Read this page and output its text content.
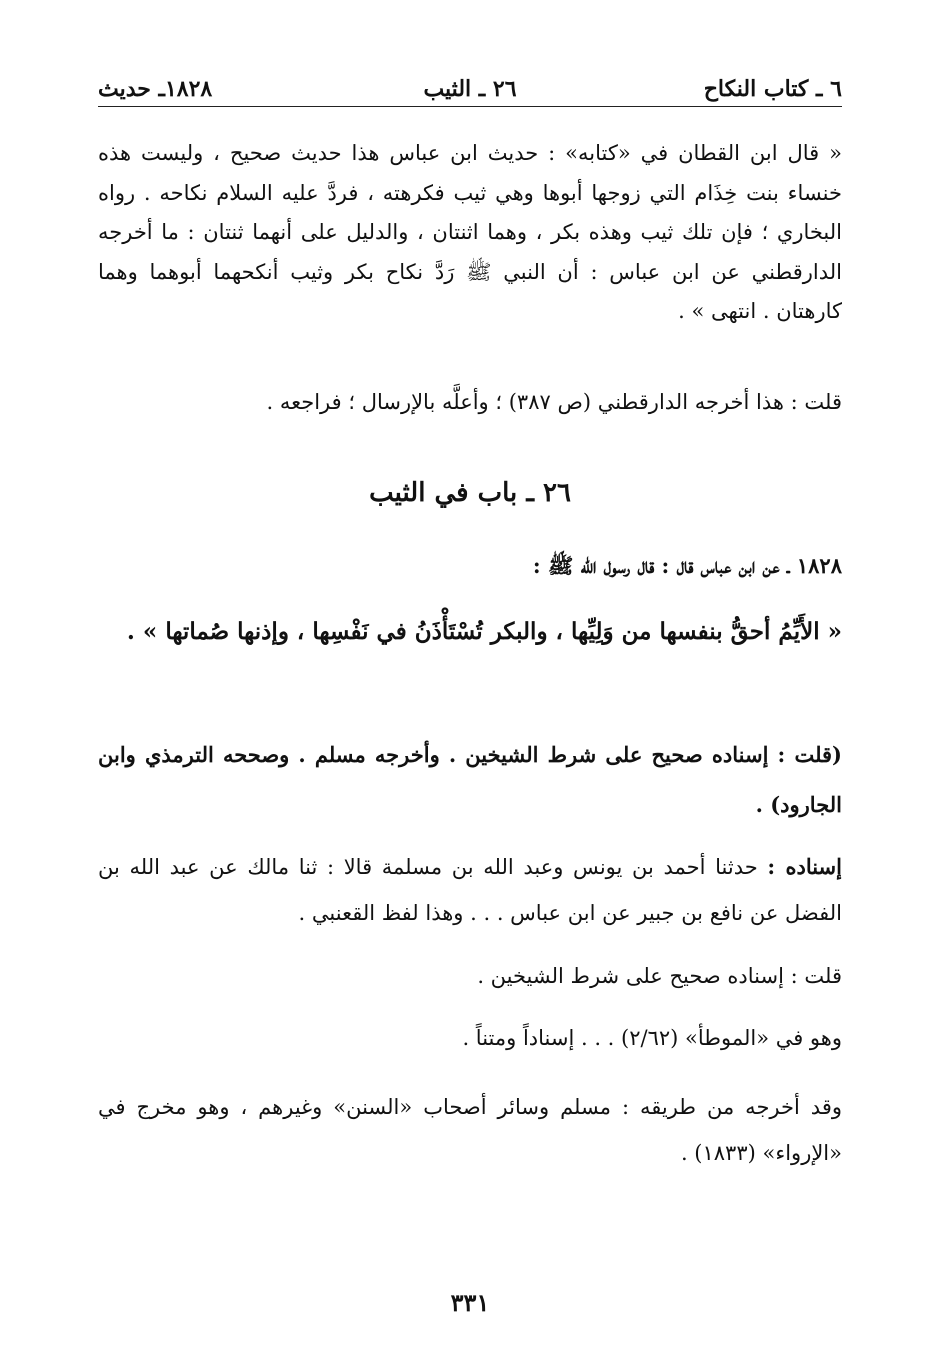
٦ ـ كتاب النكاح
٢٦ ـ الثيب
١٨٢٨ـ حديث

« قال ابن القطان في «كتابه» : حديث ابن عباس هذا حديث صحيح ، وليست هذه خنساء بنت خِذَام التي زوجها أبوها وهي ثيب فكرهته ، فردَّ عليه السلام نكاحه . رواه البخاري ؛ فإن تلك ثيب وهذه بكر ، وهما اثنتان ، والدليل على أنهما ثنتان : ما أخرجه الدارقطني عن ابن عباس : أن النبي ﷺ رَدَّ نكاح بكر وثيب أنكحهما أبوهما وهما كارهتان . انتهى » .

قلت : هذا أخرجه الدارقطني (ص ٣٨٧) ؛ وأعلَّه بالإرسال ؛ فراجعه .

٢٦ ـ باب في الثيب

١٨٢٨ ـ عن ابن عباس قال : قال رسول الله ﷺ :

« الأَيِّمُ أحقُّ بنفسها من وَلِيِّها ، والبكر تُسْتَأْذَنُ في نَفْسِها ، وإذنها صُماتها » .

(قلت : إسناده صحيح على شرط الشيخين . وأخرجه مسلم . وصححه الترمذي وابن الجارود) .

إسناده : حدثنا أحمد بن يونس وعبد الله بن مسلمة قالا : ثنا مالك عن عبد الله بن الفضل عن نافع بن جبير عن ابن عباس . . . وهذا لفظ القعنبي .

قلت : إسناده صحيح على شرط الشيخين .

وهو في «الموطأ» (٢/٦٢) . . . إسناداً ومتناً .

وقد أخرجه من طريقه : مسلم وسائر أصحاب «السنن» وغيرهم ، وهو مخرج في «الإرواء» (١٨٣٣) .

٣٣١
